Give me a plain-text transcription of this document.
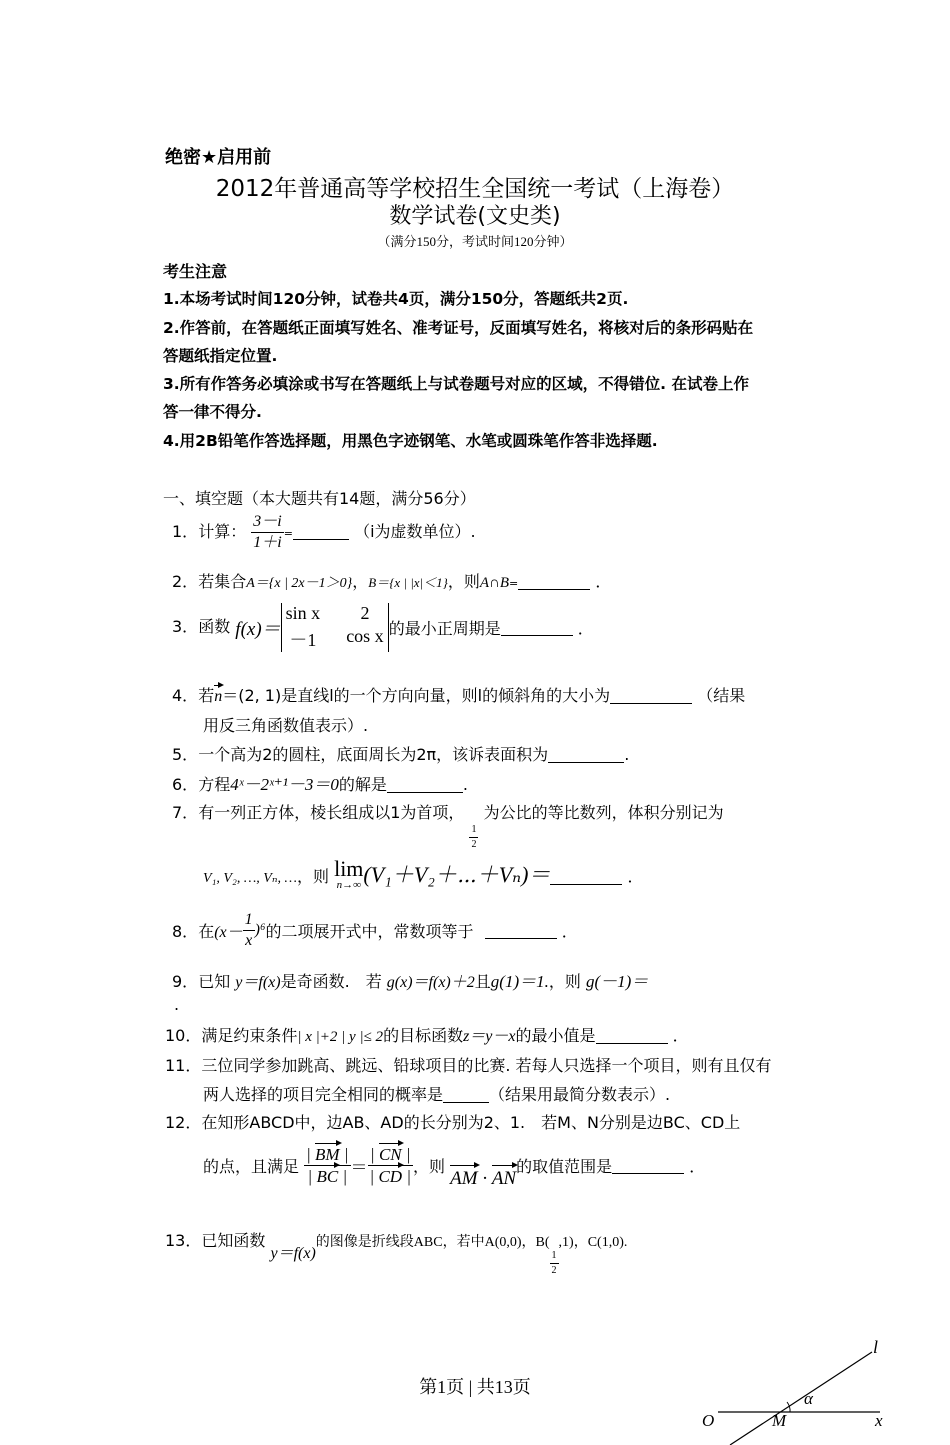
绝密★启用前
2012年普通高等学校招生全国统一考试（上海卷）
数学试卷(文史类)
（满分150分，考试时间120分钟）
考生注意
1.本场考试时间120分钟，试卷共4页，满分150分，答题纸共2页.
2.作答前，在答题纸正面填写姓名、准考证号，反面填写姓名，将核对后的条形码贴在
答题纸指定位置.
3.所有作答务必填涂或书写在答题纸上与试卷题号对应的区域，不得错位. 在试卷上作
答一律不得分.
4.用2B铅笔作答选择题，用黑色字迹钢笔、水笔或圆珠笔作答非选择题.
一、填空题（本大题共有14题，满分56分）
1．计算： $\frac{3-i}{1+i}$ =	（i为虚数单位）.
2．若集合A＝{x | 2x－1＞0}，B＝{x | |x|＜1}，则A∩B=	．
3．函数 f(x)＝
sin x	2
－1 cos x 的最小正周期是	．
4．若n＝(2, 1)是直线l的一个方向向量，则l的倾斜角的大小为	（结果
用反三角函数值表示）.
5．一个高为2的圆柱，底面周长为2π，该诉表面积为	.
6．方程4ˣ－2ˣ⁺¹－3＝0的解是	.
7．有一列正方体，棱长组成以1为首项，
$\frac{1}{2}$
为公比的等比数列，体积分别记为
V₁, V₂, …, Vₙ, …，则 lim
n→∞ (V₁＋V₂＋⋯＋Vₙ)＝	．
8．在$(x- \frac{1}{x} )^6$的二项展开式中，常数项等于	．
9．已知 y＝f(x)是奇函数.　若 g(x)＝f(x)＋2且g(1)＝1.，则 g(－1)＝
.
10．满足约束条件| x |+2 | y |≤ 2的目标函数z＝y－x的最小值是	．
11．三位同学参加跳高、跳远、铅球项目的比赛. 若每人只选择一个项目，则有且仅有
两人选择的项目完全相同的概率是	（结果用最简分数表示）.
12．在知形ABCD中，边AB、AD的长分别为2、1.　若M、N分别是边BC、CD上
的点，且满足 $\frac{| BM |}{| BC |} = \frac{| CN |}{| CD |}$ ，则 AM · AN的取值范围是	．
13．已知函数 y＝f(x)的图像是折线段ABC，若中A(0,0)，B(
$\frac{1}{2}$
,1)，C(1,0).
第1页 | 共13页
l
α
O	M	x
